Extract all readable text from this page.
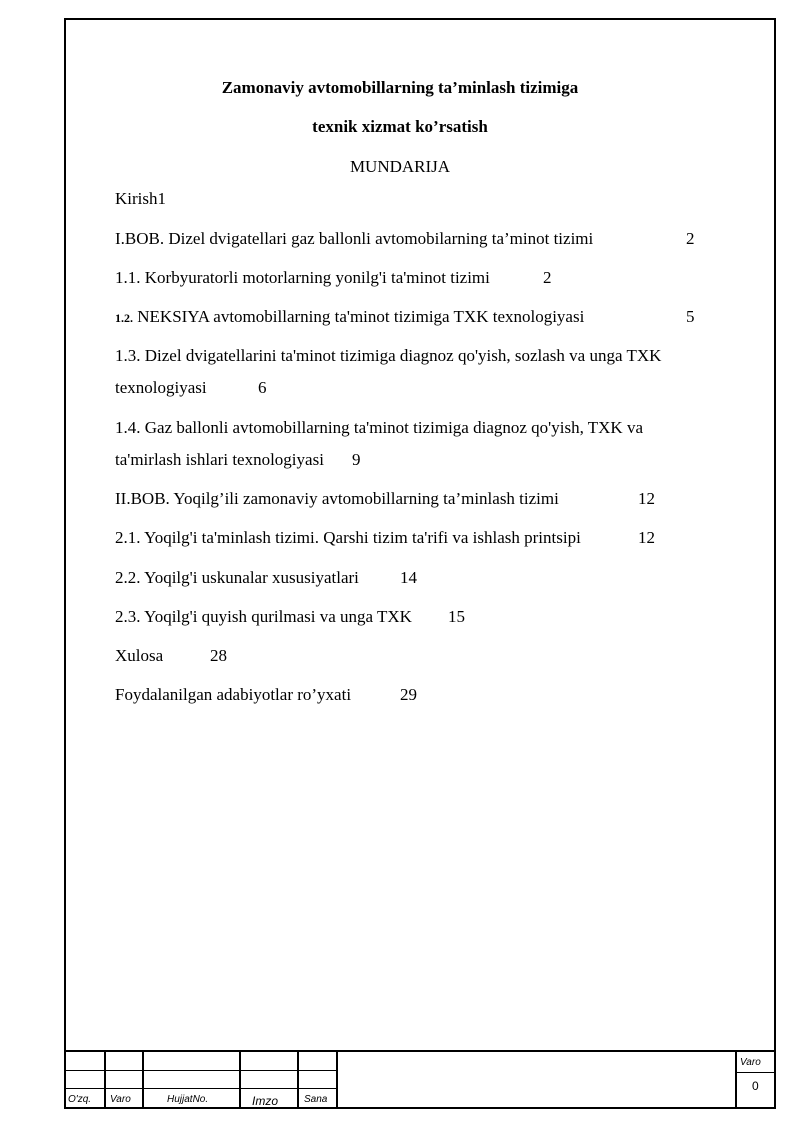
Zamonaviy avtomobillarning ta’minlash tizimiga
texnik xizmat ko’rsatish
MUNDARIJA
Kirish1
I.BOB. Dizel dvigatellari gaz ballonli avtomobilarning ta’minot tizimi	2
1.1. Korbyuratorli motorlarning yonilg'i ta'minot tizimi	2
1.2. NEKSIYA avtomobillarning ta'minot tizimiga TXK texnologiyasi	5
1.3. Dizel dvigatellarini ta'minot tizimiga diagnoz qo'yish, sozlash va unga TXK
texnologiyasi	6
1.4. Gaz ballonli avtomobillarning ta'minot tizimiga diagnoz qo'yish, TXK va
ta'mirlash ishlari texnologiyasi 9
II.BOB. Yoqilg’ili zamonaviy avtomobillarning ta’minlash tizimi	12
2.1. Yoqilg'i ta'minlash tizimi. Qarshi tizim ta'rifi va ishlash printsipi	12
2.2. Yoqilg'i uskunalar xususiyatlari 14
2.3. Yoqilg'i quyish qurilmasi va unga TXK 15
Xulosa	28
Foydalanilgan adabiyotlar ro’yxati	29
O'zq. Varo	HujjatNo.	Imzo	Sana
Varo
0
